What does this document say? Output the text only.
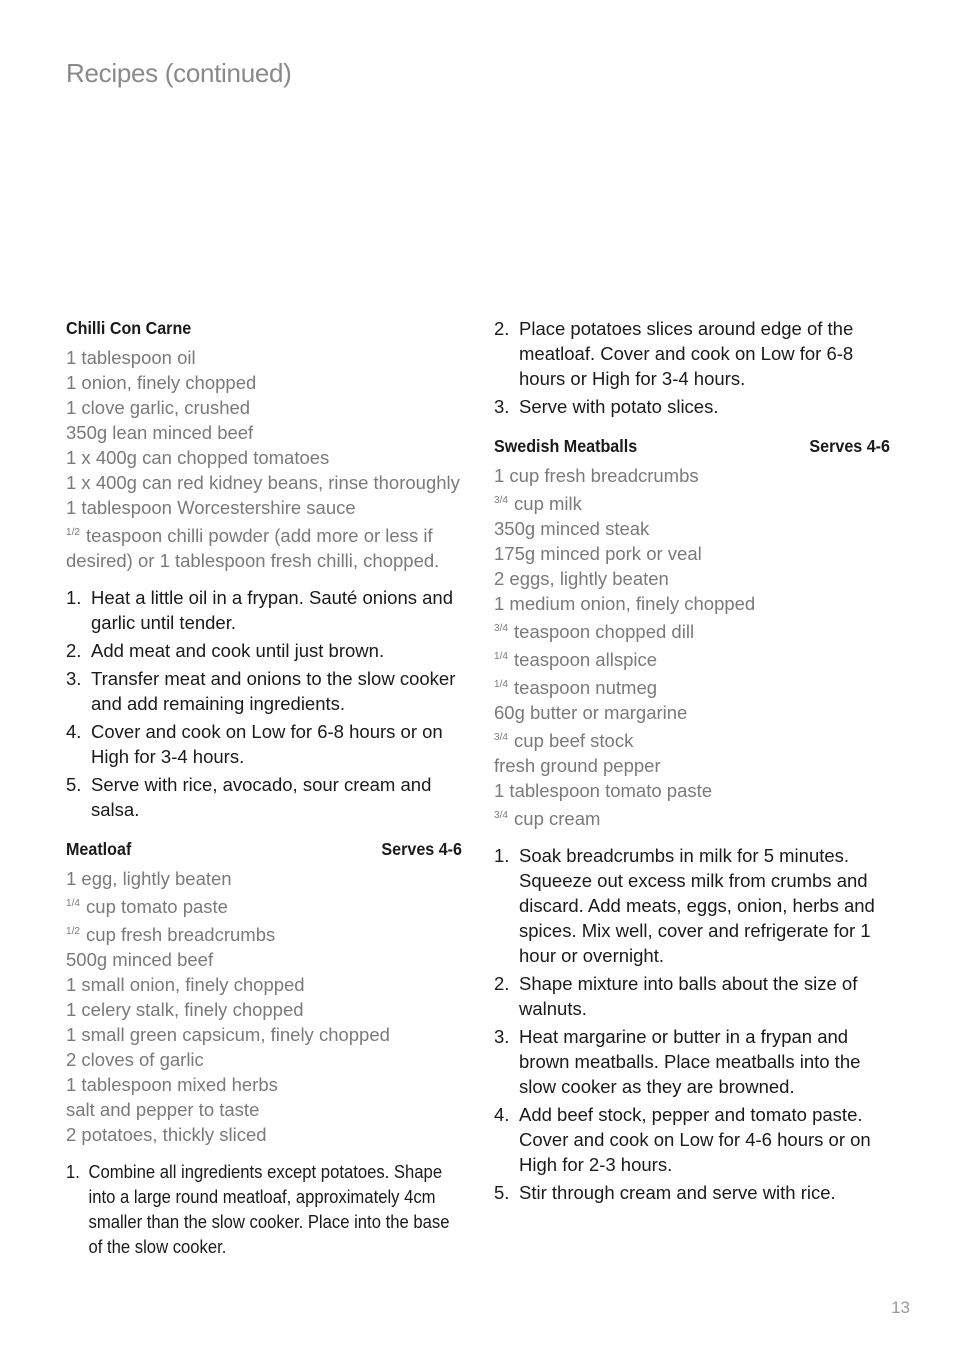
Recipes (continued)
Chilli Con Carne
1 tablespoon oil
1 onion, finely chopped
1 clove garlic, crushed
350g lean minced beef
1 x 400g can chopped tomatoes
1 x 400g can red kidney beans, rinse thoroughly
1 tablespoon Worcestershire sauce
$^{1/2}$ teaspoon chilli powder (add more or less if desired) or 1 tablespoon fresh chilli, chopped.
1. Heat a little oil in a frypan. Sauté onions and garlic until tender.
2. Add meat and cook until just brown.
3. Transfer meat and onions to the slow cooker and add remaining ingredients.
4. Cover and cook on Low for 6-8 hours or on High for 3-4 hours.
5. Serve with rice, avocado, sour cream and salsa.
Meatloaf	Serves 4-6
1 egg, lightly beaten
$^{1/4}$ cup tomato paste
$^{1/2}$ cup fresh breadcrumbs
500g minced beef
1 small onion, finely chopped
1 celery stalk, finely chopped
1 small green capsicum, finely chopped
2 cloves of garlic
1 tablespoon mixed herbs
salt and pepper to taste
2 potatoes, thickly sliced
1. Combine all ingredients except potatoes. Shape into a large round meatloaf, approximately 4cm smaller than the slow cooker. Place into the base of the slow cooker.
2. Place potatoes slices around edge of the meatloaf. Cover and cook on Low for 6-8 hours or High for 3-4 hours.
3. Serve with potato slices.
Swedish Meatballs	Serves 4-6
1 cup fresh breadcrumbs
$^{3/4}$ cup milk
350g minced steak
175g minced pork or veal
2 eggs, lightly beaten
1 medium onion, finely chopped
$^{3/4}$ teaspoon chopped dill
$^{1/4}$ teaspoon allspice
$^{1/4}$ teaspoon nutmeg
60g butter or margarine
$^{3/4}$ cup beef stock
fresh ground pepper
1 tablespoon tomato paste
$^{3/4}$ cup cream
1. Soak breadcrumbs in milk for 5 minutes. Squeeze out excess milk from crumbs and discard. Add meats, eggs, onion, herbs and spices. Mix well, cover and refrigerate for 1 hour or overnight.
2. Shape mixture into balls about the size of walnuts.
3. Heat margarine or butter in a frypan and brown meatballs. Place meatballs into the slow cooker as they are browned.
4. Add beef stock, pepper and tomato paste. Cover and cook on Low for 4-6 hours or on High for 2-3 hours.
5. Stir through cream and serve with rice.
13
